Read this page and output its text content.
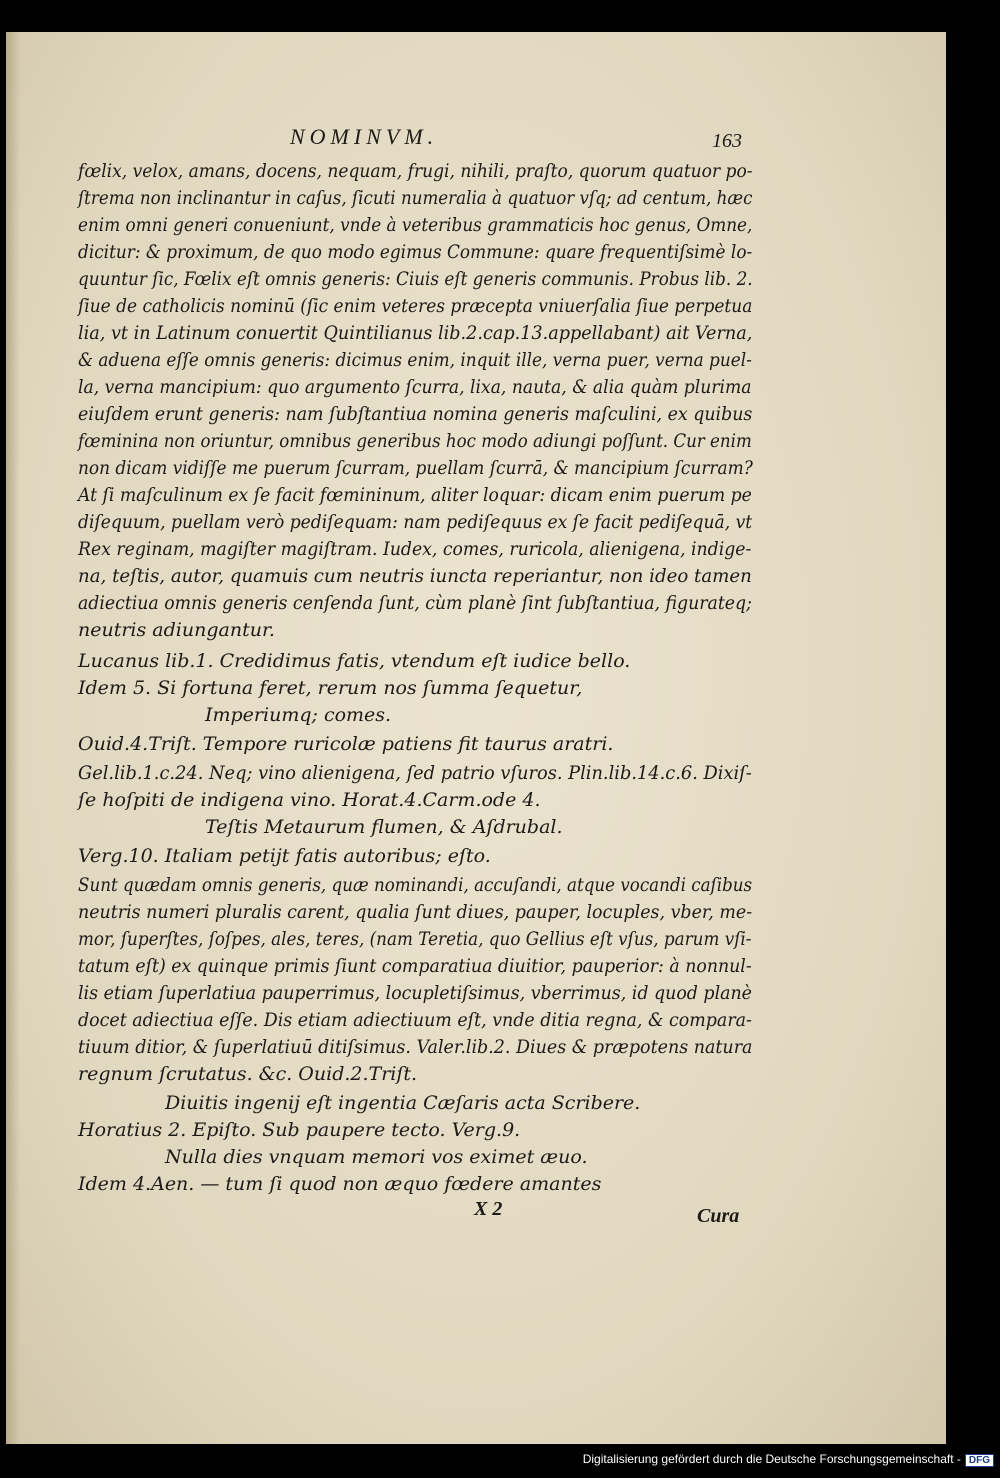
NOMINVM.	163

fœlix, velox, amans, docens, nequam, frugi, nihili, praſto, quorum quatuor po-

ſtrema non inclinantur in caſus, ſicuti numeralia à quatuor vſq; ad centum, hæc

enim omni generi conueniunt, vnde à veteribus grammaticis hoc genus, Omne,

dicitur: & proximum, de quo modo egimus Commune: quare frequentiſsimè lo-

quuntur ſic, Fœlix eſt omnis generis: Ciuis eſt generis communis. Probus lib. 2.

ſiue de catholicis nominū (ſic enim veteres præcepta vniuerſalia ſiue perpetua

lia, vt in Latinum conuertit Quintilianus lib.2.cap.13.appellabant) ait Verna,

& aduena eſſe omnis generis: dicimus enim, inquit ille, verna puer, verna puel-

la, verna mancipium: quo argumento ſcurra, lixa, nauta, & alia quàm plurima

eiuſdem erunt generis: nam ſubſtantiua nomina generis maſculini, ex quibus

fœminina non oriuntur, omnibus generibus hoc modo adiungi poſſunt. Cur enim

non dicam vidiſſe me puerum ſcurram, puellam ſcurrā, & mancipium ſcurram?

At ſi maſculinum ex ſe facit fœmininum, aliter loquar: dicam enim puerum pe

diſequum, puellam verò pediſequam: nam pediſequus ex ſe facit pediſequā, vt

Rex reginam, magiſter magiſtram. Iudex, comes, ruricola, alienigena, indige-

na, teſtis, autor, quamuis cum neutris iuncta reperiantur, non ideo tamen

adiectiua omnis generis cenſenda ſunt, cùm planè ſint ſubſtantiua, figurateq;

neutris adiungantur.

Lucanus lib.1. Credidimus fatis, vtendum eſt iudice bello.

Idem 5. Si fortuna feret, rerum nos ſumma ſequetur,

Imperiumq; comes.

Ouid.4.Triſt. Tempore ruricolæ patiens fit taurus aratri.

Gel.lib.1.c.24. Neq; vino alienigena, ſed patrio vſuros. Plin.lib.14.c.6. Dixiſ-

ſe hoſpiti de indigena vino. Horat.4.Carm.ode 4.

Teſtis Metaurum flumen, & Aſdrubal.

Verg.10. Italiam petijt fatis autoribus; eſto.

Sunt quædam omnis generis, quæ nominandi, accuſandi, atque vocandi caſibus

neutris numeri pluralis carent, qualia ſunt diues, pauper, locuples, vber, me-

mor, ſuperſtes, ſoſpes, ales, teres, (nam Teretia, quo Gellius eſt vſus, parum vſi-

tatum eſt) ex quinque primis ſiunt comparatiua diuitior, pauperior: à nonnul-

lis etiam ſuperlatiua pauperrimus, locupletiſsimus, vberrimus, id quod planè

docet adiectiua eſſe. Dis etiam adiectiuum eſt, vnde ditia regna, & compara-

tiuum ditior, & ſuperlatiuū ditiſsimus. Valer.lib.2. Diues & præpotens natura

regnum ſcrutatus. &c. Ouid.2.Triſt.

Diuitis ingenij eſt ingentia Cæſaris acta Scribere.

Horatius 2. Epiſto. Sub paupere tecto. Verg.9.

Nulla dies vnquam memori vos eximet æuo.

Idem 4.Aen. — tum ſi quod non æquo fœdere amantes

X 2	Cura
Digitalisierung gefördert durch die Deutsche Forschungsgemeinschaft - DFG
